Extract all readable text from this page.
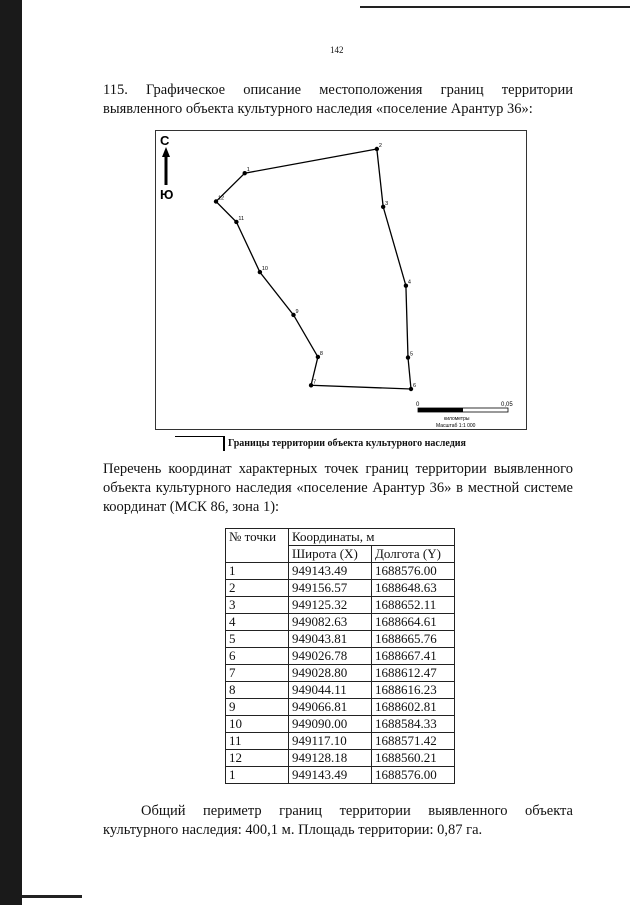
142
115. Графическое описание местоположения границ территории выявленного объекта культурного наследия «поселение Арантур 36»:
С
Ю
1
2
3
4
5
6
7
8
9
10
11
12
0	0,05
километры
Масштаб 1:1 000
Границы территории объекта культурного наследия
Перечень координат характерных точек границ территории выявленного объекта культурного наследия «поселение Арантур 36» в местной системе координат (МСК 86, зона 1):
№ точки	Координаты, м	
	Широта (X)	Долгота (Y)
1	949143.49	1688576.00
2	949156.57	1688648.63
3	949125.32	1688652.11
4	949082.63	1688664.61
5	949043.81	1688665.76
6	949026.78	1688667.41
7	949028.80	1688612.47
8	949044.11	1688616.23
9	949066.81	1688602.81
10	949090.00	1688584.33
11	949117.10	1688571.42
12	949128.18	1688560.21
1	949143.49	1688576.00
Общий периметр границ территории выявленного объекта
культурного наследия: 400,1 м. Площадь территории: 0,87 га.
